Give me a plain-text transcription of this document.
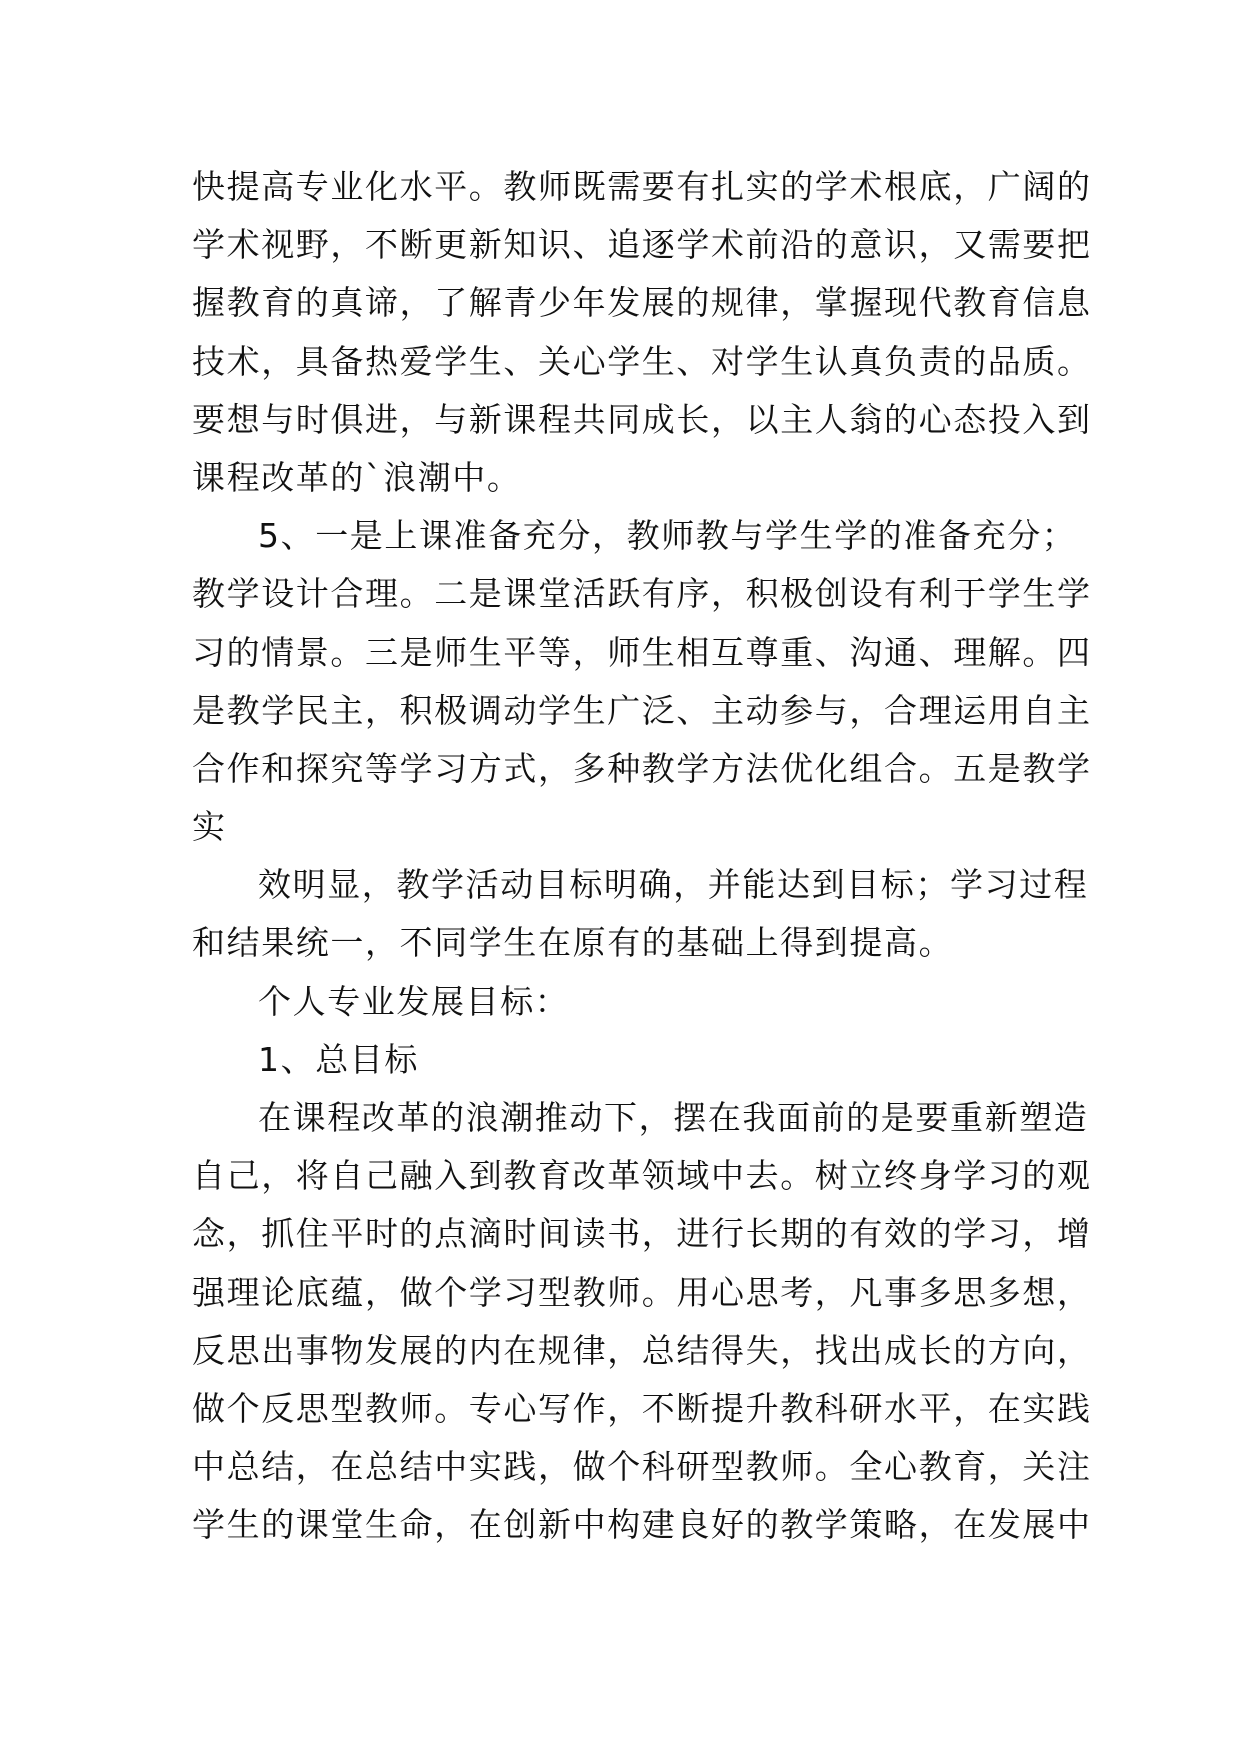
快提高专业化水平。教师既需要有扎实的学术根底，广阔的
学术视野，不断更新知识、追逐学术前沿的意识，又需要把
握教育的真谛，了解青少年发展的规律，掌握现代教育信息
技术，具备热爱学生、关心学生、对学生认真负责的品质。
要想与时俱进，与新课程共同成长，以主人翁的心态投入到
课程改革的`浪潮中。
5、一是上课准备充分，教师教与学生学的准备充分；
教学设计合理。二是课堂活跃有序，积极创设有利于学生学
习的情景。三是师生平等，师生相互尊重、沟通、理解。四
是教学民主，积极调动学生广泛、主动参与，合理运用自主
合作和探究等学习方式，多种教学方法优化组合。五是教学
实
效明显，教学活动目标明确，并能达到目标；学习过程
和结果统一，不同学生在原有的基础上得到提高。
个人专业发展目标：
1、总目标
在课程改革的浪潮推动下，摆在我面前的是要重新塑造
自己，将自己融入到教育改革领域中去。树立终身学习的观
念，抓住平时的点滴时间读书，进行长期的有效的学习，增
强理论底蕴，做个学习型教师。用心思考，凡事多思多想，
反思出事物发展的内在规律，总结得失，找出成长的方向，
做个反思型教师。专心写作，不断提升教科研水平，在实践
中总结，在总结中实践，做个科研型教师。全心教育，关注
学生的课堂生命，在创新中构建良好的教学策略，在发展中
